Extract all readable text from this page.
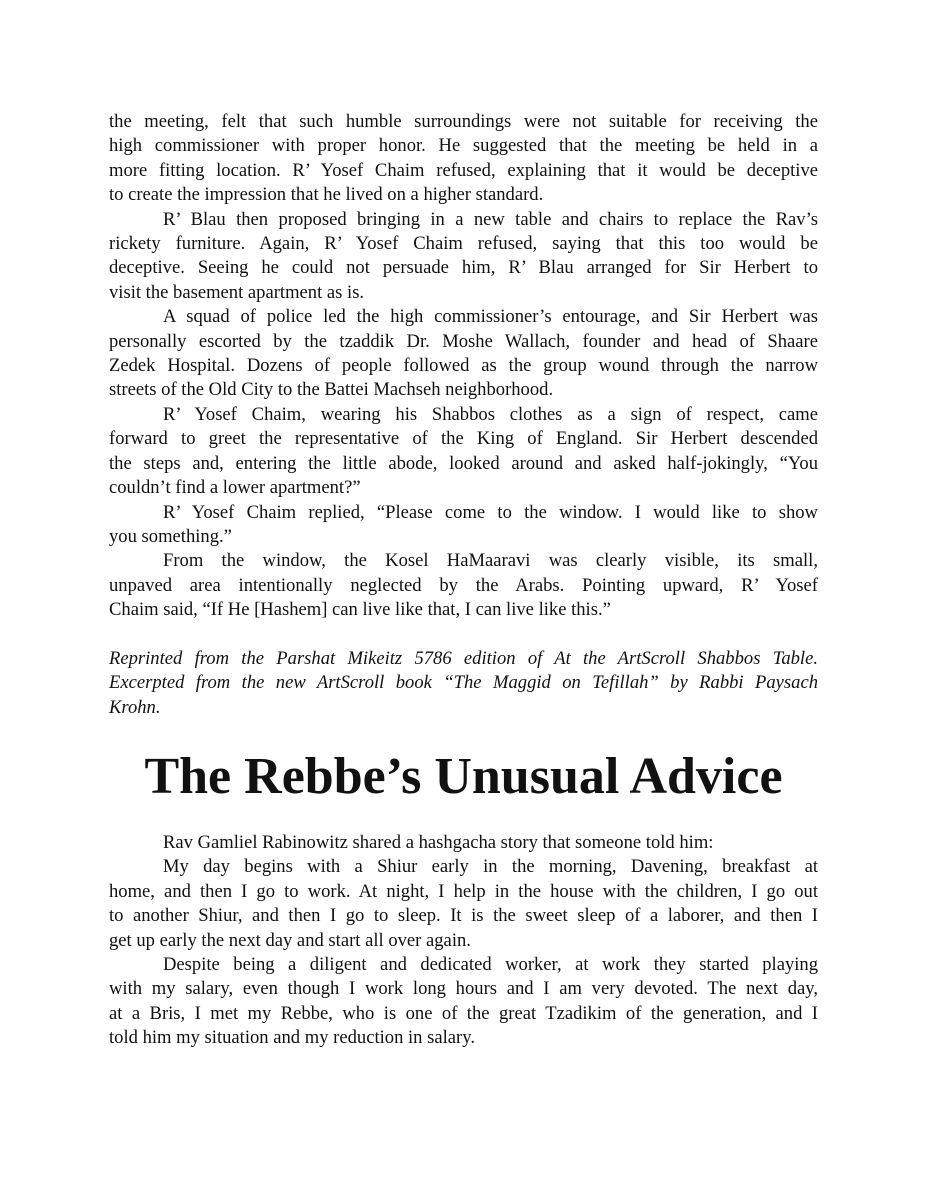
the meeting, felt that such humble surroundings were not suitable for receiving the
high commissioner with proper honor. He suggested that the meeting be held in a
more fitting location. R’ Yosef Chaim refused, explaining that it would be deceptive
to create the impression that he lived on a higher standard.
R’ Blau then proposed bringing in a new table and chairs to replace the Rav’s
rickety furniture. Again, R’ Yosef Chaim refused, saying that this too would be
deceptive. Seeing he could not persuade him, R’ Blau arranged for Sir Herbert to
visit the basement apartment as is.
A squad of police led the high commissioner’s entourage, and Sir Herbert was
personally escorted by the tzaddik Dr. Moshe Wallach, founder and head of Shaare
Zedek Hospital. Dozens of people followed as the group wound through the narrow
streets of the Old City to the Battei Machseh neighborhood.
R’ Yosef Chaim, wearing his Shabbos clothes as a sign of respect, came
forward to greet the representative of the King of England. Sir Herbert descended
the steps and, entering the little abode, looked around and asked half-jokingly, “You
couldn’t find a lower apartment?”
R’ Yosef Chaim replied, “Please come to the window. I would like to show
you something.”
From the window, the Kosel HaMaaravi was clearly visible, its small,
unpaved area intentionally neglected by the Arabs. Pointing upward, R’ Yosef
Chaim said, “If He [Hashem] can live like that, I can live like this.”
Reprinted from the Parshat Mikeitz 5786 edition of At the ArtScroll Shabbos Table.
Excerpted from the new ArtScroll book “The Maggid on Tefillah” by Rabbi Paysach
Krohn.
The Rebbe’s Unusual Advice
Rav Gamliel Rabinowitz shared a hashgacha story that someone told him:
My day begins with a Shiur early in the morning, Davening, breakfast at
home, and then I go to work. At night, I help in the house with the children, I go out
to another Shiur, and then I go to sleep. It is the sweet sleep of a laborer, and then I
get up early the next day and start all over again.
Despite being a diligent and dedicated worker, at work they started playing
with my salary, even though I work long hours and I am very devoted. The next day,
at a Bris, I met my Rebbe, who is one of the great Tzadikim of the generation, and I
told him my situation and my reduction in salary.
